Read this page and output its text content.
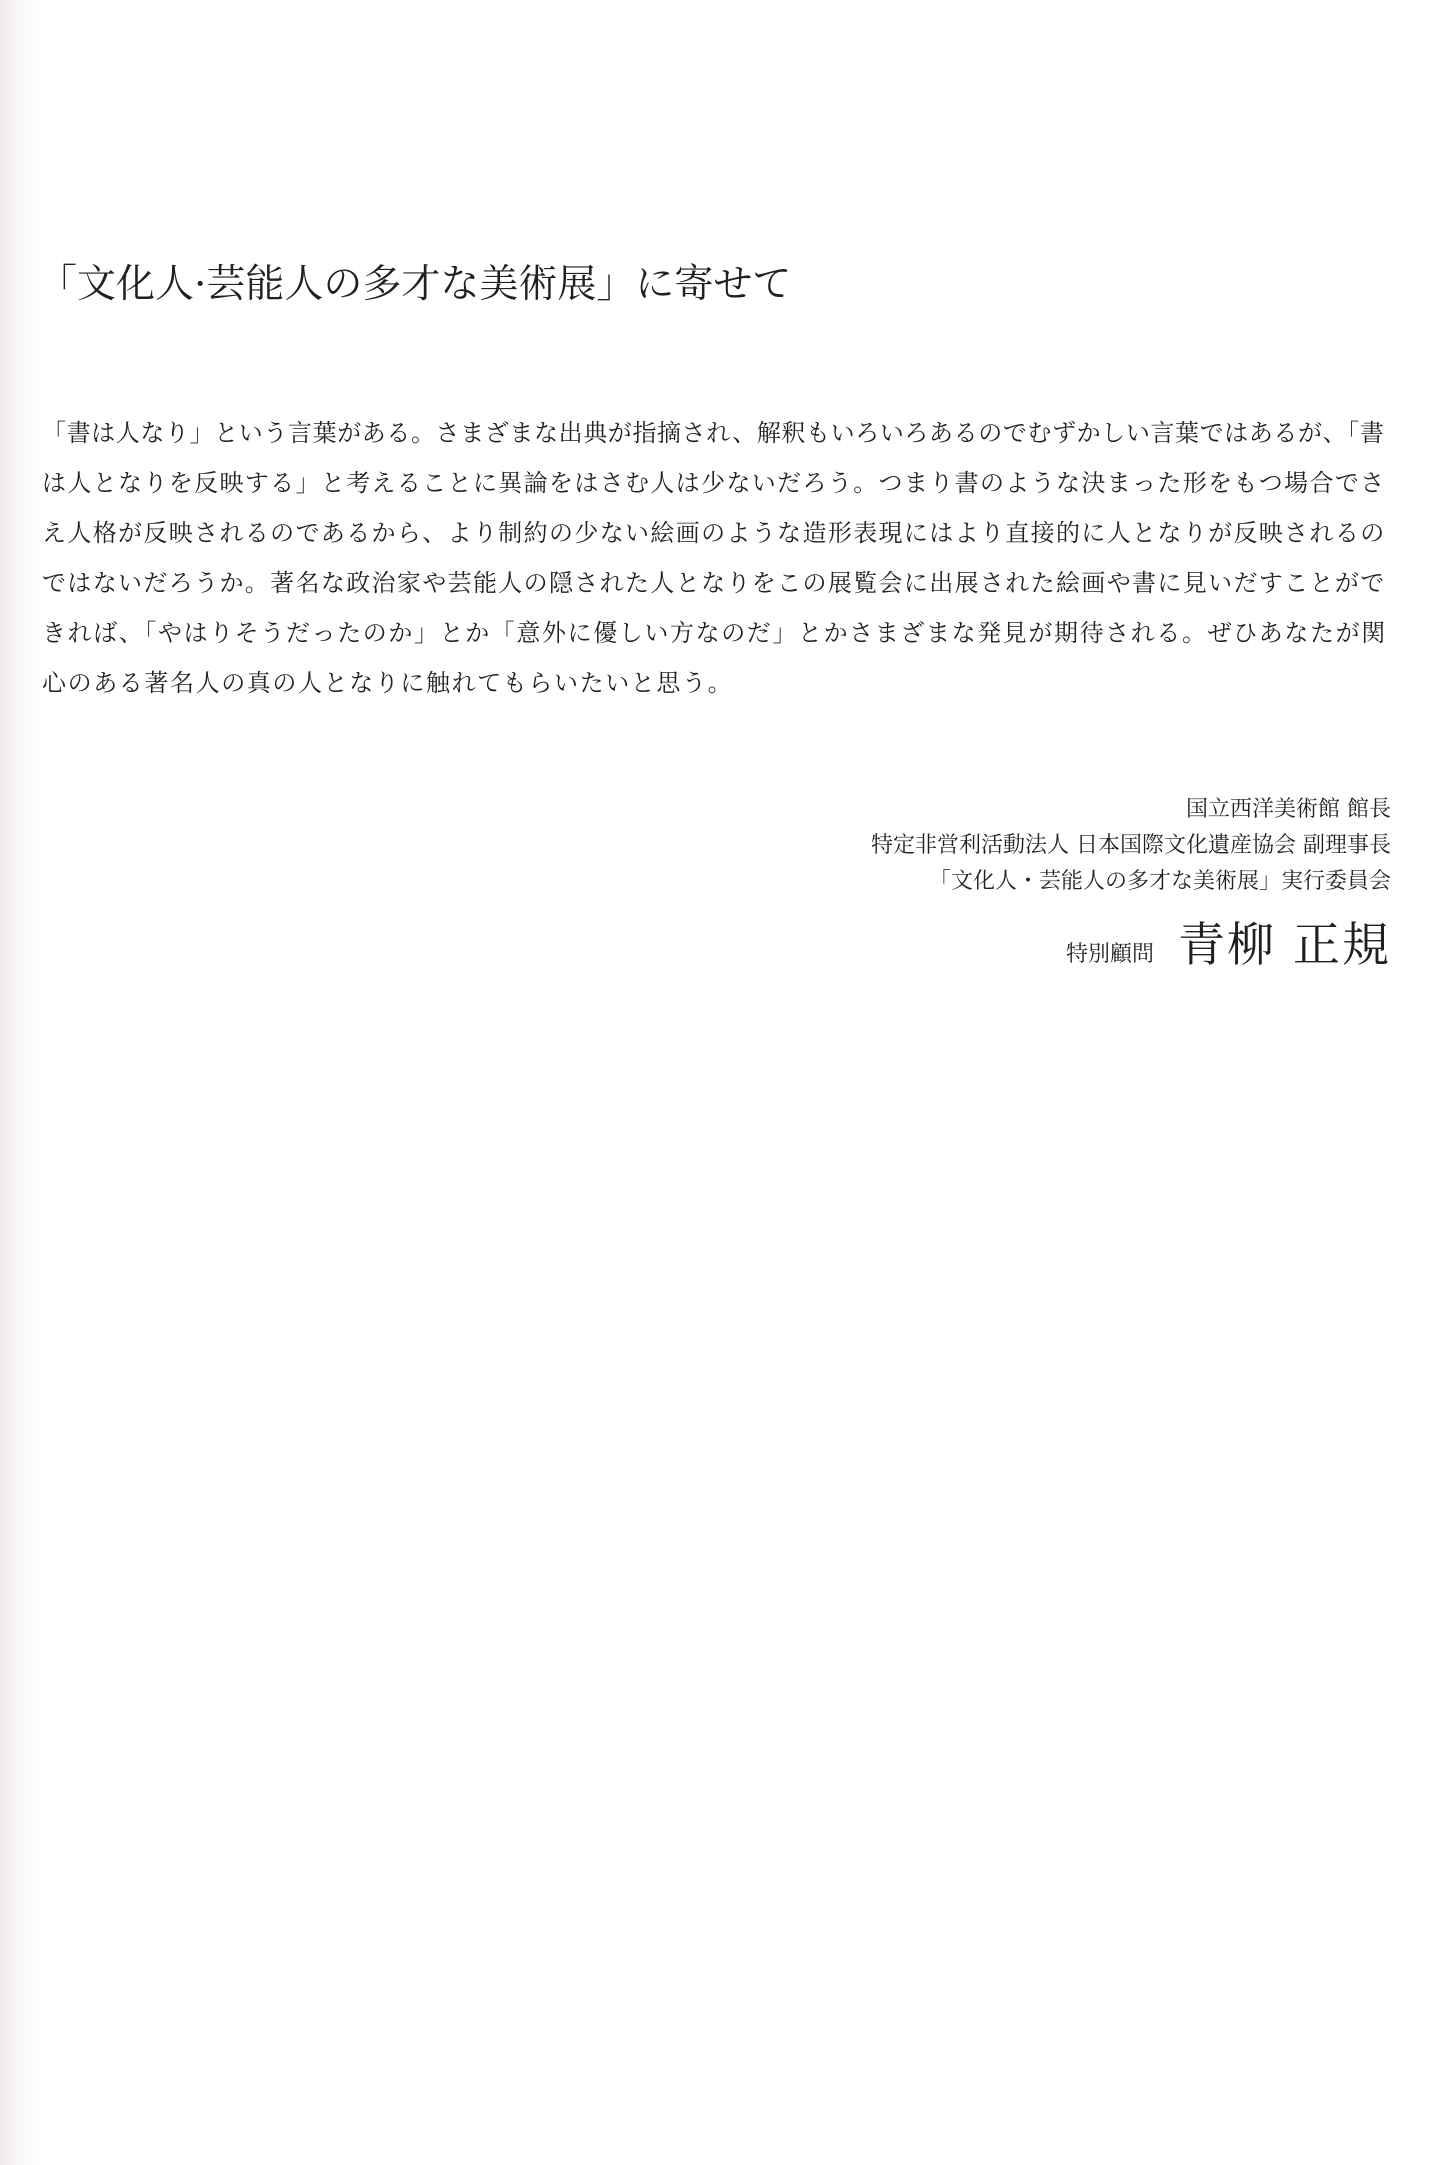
「文化人·芸能人の多才な美術展」に寄せて
「書は人なり」という言葉がある。さまざまな出典が指摘され、解釈もいろいろあるのでむずかしい言葉ではあるが、「書
は人となりを反映する」と考えることに異論をはさむ人は少ないだろう。つまり書のような決まった形をもつ場合でさ
え人格が反映されるのであるから、より制約の少ない絵画のような造形表現にはより直接的に人となりが反映されるの
ではないだろうか。著名な政治家や芸能人の隠された人となりをこの展覧会に出展された絵画や書に見いだすことがで
きれば、「やはりそうだったのか」とか「意外に優しい方なのだ」とかさまざまな発見が期待される。ぜひあなたが関
心のある著名人の真の人となりに触れてもらいたいと思う。
国立西洋美術館 館長
特定非営利活動法人 日本国際文化遺産協会 副理事長
「文化人・芸能人の多才な美術展」実行委員会
特別顧問 青柳 正規
